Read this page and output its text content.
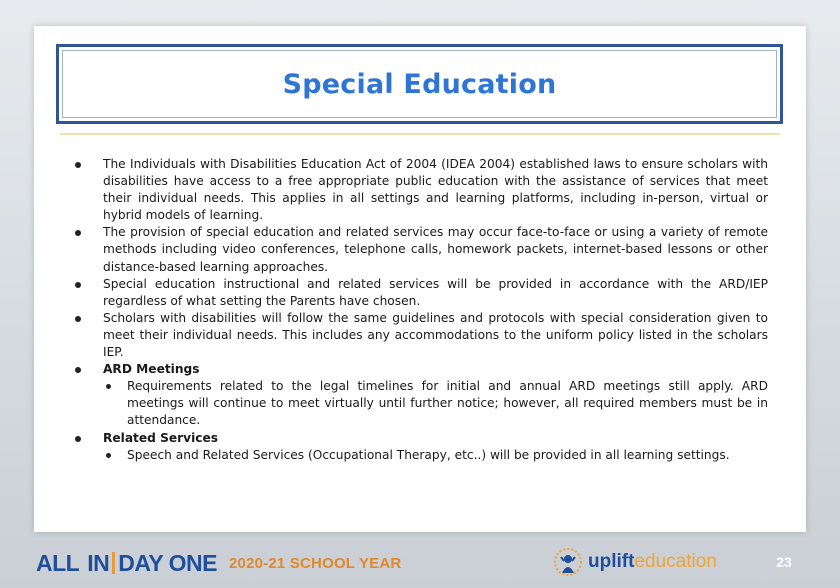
Special Education
The Individuals with Disabilities Education Act of 2004 (IDEA 2004) established laws to ensure scholars with disabilities have access to a free appropriate public education with the assistance of services that meet their individual needs. This applies in all settings and learning platforms, including in-person, virtual or hybrid models of learning.
The provision of special education and related services may occur face-to-face or using a variety of remote methods including video conferences, telephone calls, homework packets, internet-based lessons or other distance-based learning approaches.
Special education instructional and related services will be provided in accordance with the ARD/IEP regardless of what setting the Parents have chosen.
Scholars with disabilities will follow the same guidelines and protocols with special consideration given to meet their individual needs. This includes any accommodations to the uniform policy listed in the scholars IEP.
ARD Meetings
Requirements related to the legal timelines for initial and annual ARD meetings still apply. ARD meetings will continue to meet virtually until further notice; however, all required members must be in attendance.
Related Services
Speech and Related Services (Occupational Therapy, etc..) will be provided in all learning settings.
ALL IN DAY ONE 2020-21 SCHOOL YEAR	uplift education	23
